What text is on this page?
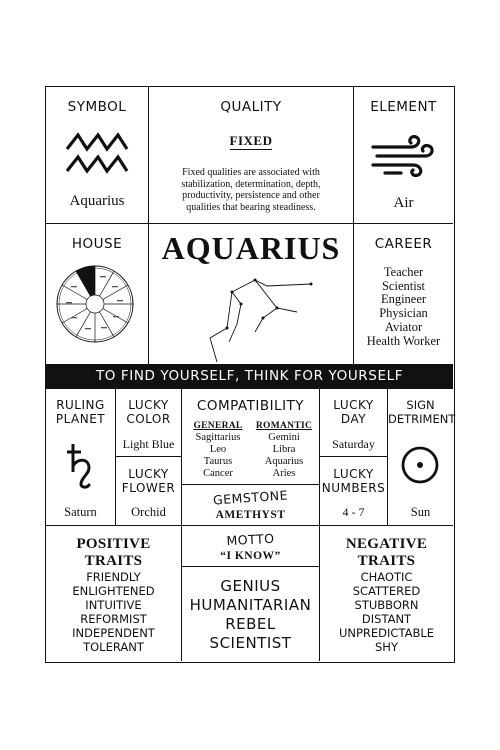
SYMBOL
Aquarius
QUALITY
FIXED
Fixed qualities are associated with stabilization, determination, depth, productivity, persistence and other qualities that bearing steadiness.
ELEMENT
Air
HOUSE	AQUARIUS	CAREER
Teacher
Scientist
Engineer
Physician
Aviator
Health Worker
TO FIND YOURSELF, THINK FOR YOURSELF
RULING
PLANET
Saturn
LUCKY
COLOR
Light Blue
LUCKY
FLOWER
Orchid
COMPATIBILITY
GENERAL
Sagittarius
Leo
Taurus
Cancer
ROMANTIC
Gemini
Libra
Aquarius
Aries
GEMSTONE
AMETHYST
LUCKY
DAY
Saturday
LUCKY
NUMBERS
4 - 7
SIGN
DETRIMENT
Sun
POSITIVE TRAITS
FRIENDLY
ENLIGHTENED
INTUITIVE
REFORMIST
INDEPENDENT
TOLERANT
MOTTO
“I KNOW”
GENIUS
HUMANITARIAN
REBEL
SCIENTIST
NEGATIVE TRAITS
CHAOTIC
SCATTERED
STUBBORN
DISTANT
UNPREDICTABLE
SHY
